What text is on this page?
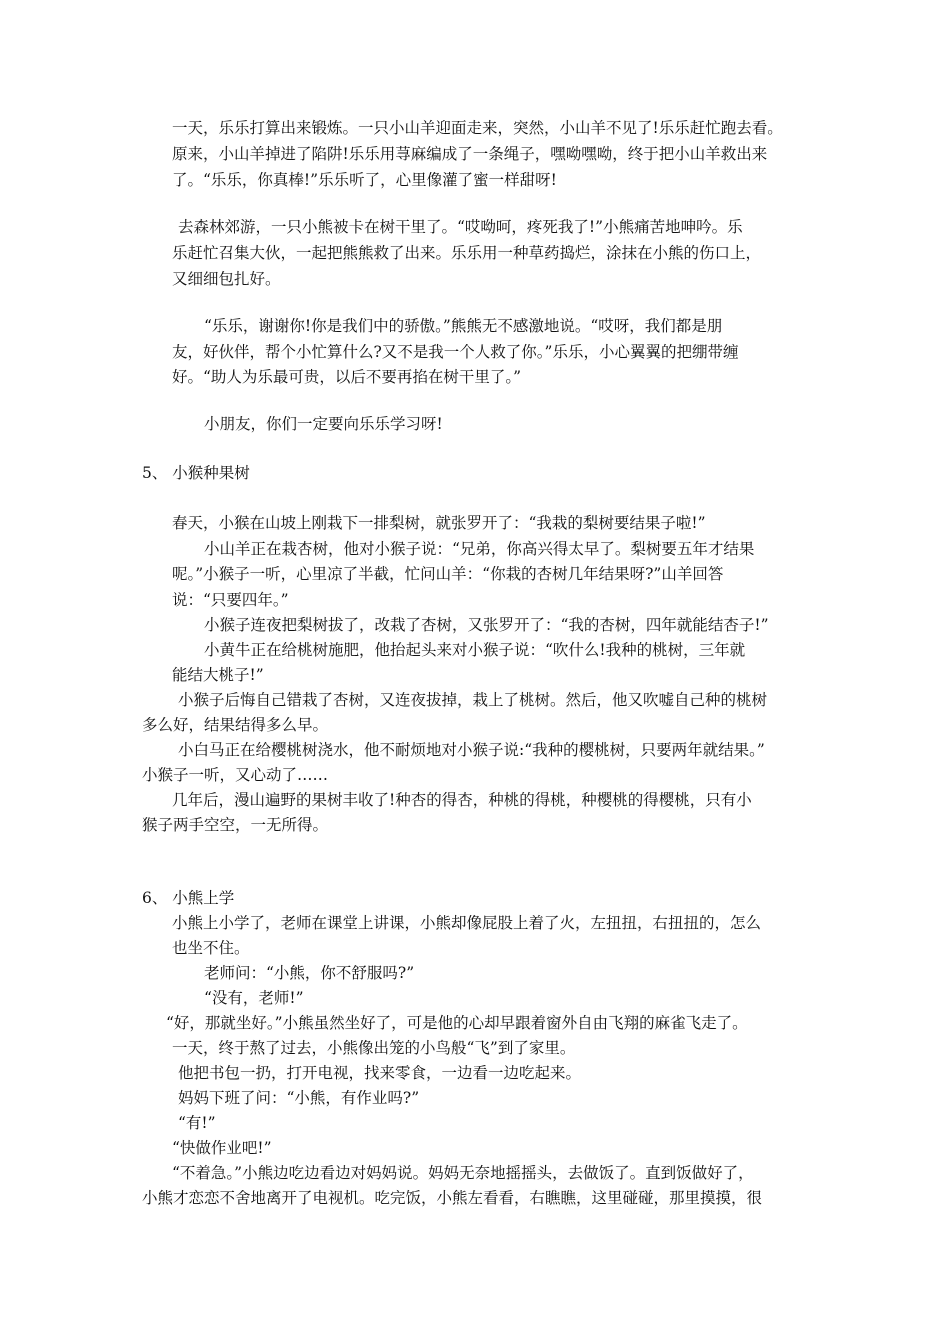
一天，乐乐打算出来锻炼。一只小山羊迎面走来，突然，小山羊不见了!乐乐赶忙跑去看。
原来，小山羊掉进了陷阱!乐乐用荨麻编成了一条绳子，嘿呦嘿呦，终于把小山羊救出来
了。“乐乐，你真棒!”乐乐听了，心里像灌了蜜一样甜呀!
去森林郊游，一只小熊被卡在树干里了。“哎呦呵，疼死我了!”小熊痛苦地呻吟。乐
乐赶忙召集大伙，一起把熊熊救了出来。乐乐用一种草药捣烂，涂抹在小熊的伤口上，
又细细包扎好。
“乐乐，谢谢你!你是我们中的骄傲。”熊熊无不感激地说。“哎呀，我们都是朋
友，好伙伴，帮个小忙算什么?又不是我一个人救了你。”乐乐，小心翼翼的把绷带缠
好。“助人为乐最可贵，以后不要再掐在树干里了。”
小朋友，你们一定要向乐乐学习呀!
5、 小猴种果树
春天，小猴在山坡上刚栽下一排梨树，就张罗开了：“我栽的梨树要结果子啦!”
小山羊正在栽杏树，他对小猴子说：“兄弟，你高兴得太早了。梨树要五年才结果
呢。”小猴子一听，心里凉了半截，忙问山羊：“你栽的杏树几年结果呀?”山羊回答
说：“只要四年。”
小猴子连夜把梨树拔了，改栽了杏树，又张罗开了：“我的杏树，四年就能结杏子!”
小黄牛正在给桃树施肥，他抬起头来对小猴子说：“吹什么!我种的桃树，三年就
能结大桃子!”
小猴子后悔自己错栽了杏树，又连夜拔掉，栽上了桃树。然后，他又吹嘘自己种的桃树
多么好，结果结得多么早。
小白马正在给樱桃树浇水，他不耐烦地对小猴子说:“我种的樱桃树，只要两年就结果。”
小猴子一听，又心动了……
几年后，漫山遍野的果树丰收了!种杏的得杏，种桃的得桃，种樱桃的得樱桃，只有小
猴子两手空空，一无所得。
6、 小熊上学
小熊上小学了，老师在课堂上讲课，小熊却像屁股上着了火，左扭扭，右扭扭的，怎么
也坐不住。
老师问：“小熊，你不舒服吗?”
“没有，老师!”
“好，那就坐好。”小熊虽然坐好了，可是他的心却早跟着窗外自由飞翔的麻雀飞走了。
一天，终于熬了过去，小熊像出笼的小鸟般“飞”到了家里。
他把书包一扔，打开电视，找来零食，一边看一边吃起来。
妈妈下班了问：“小熊，有作业吗?”
“有!”
“快做作业吧!”
“不着急。”小熊边吃边看边对妈妈说。妈妈无奈地摇摇头，去做饭了。直到饭做好了，
小熊才恋恋不舍地离开了电视机。吃完饭，小熊左看看，右瞧瞧，这里碰碰，那里摸摸，很
